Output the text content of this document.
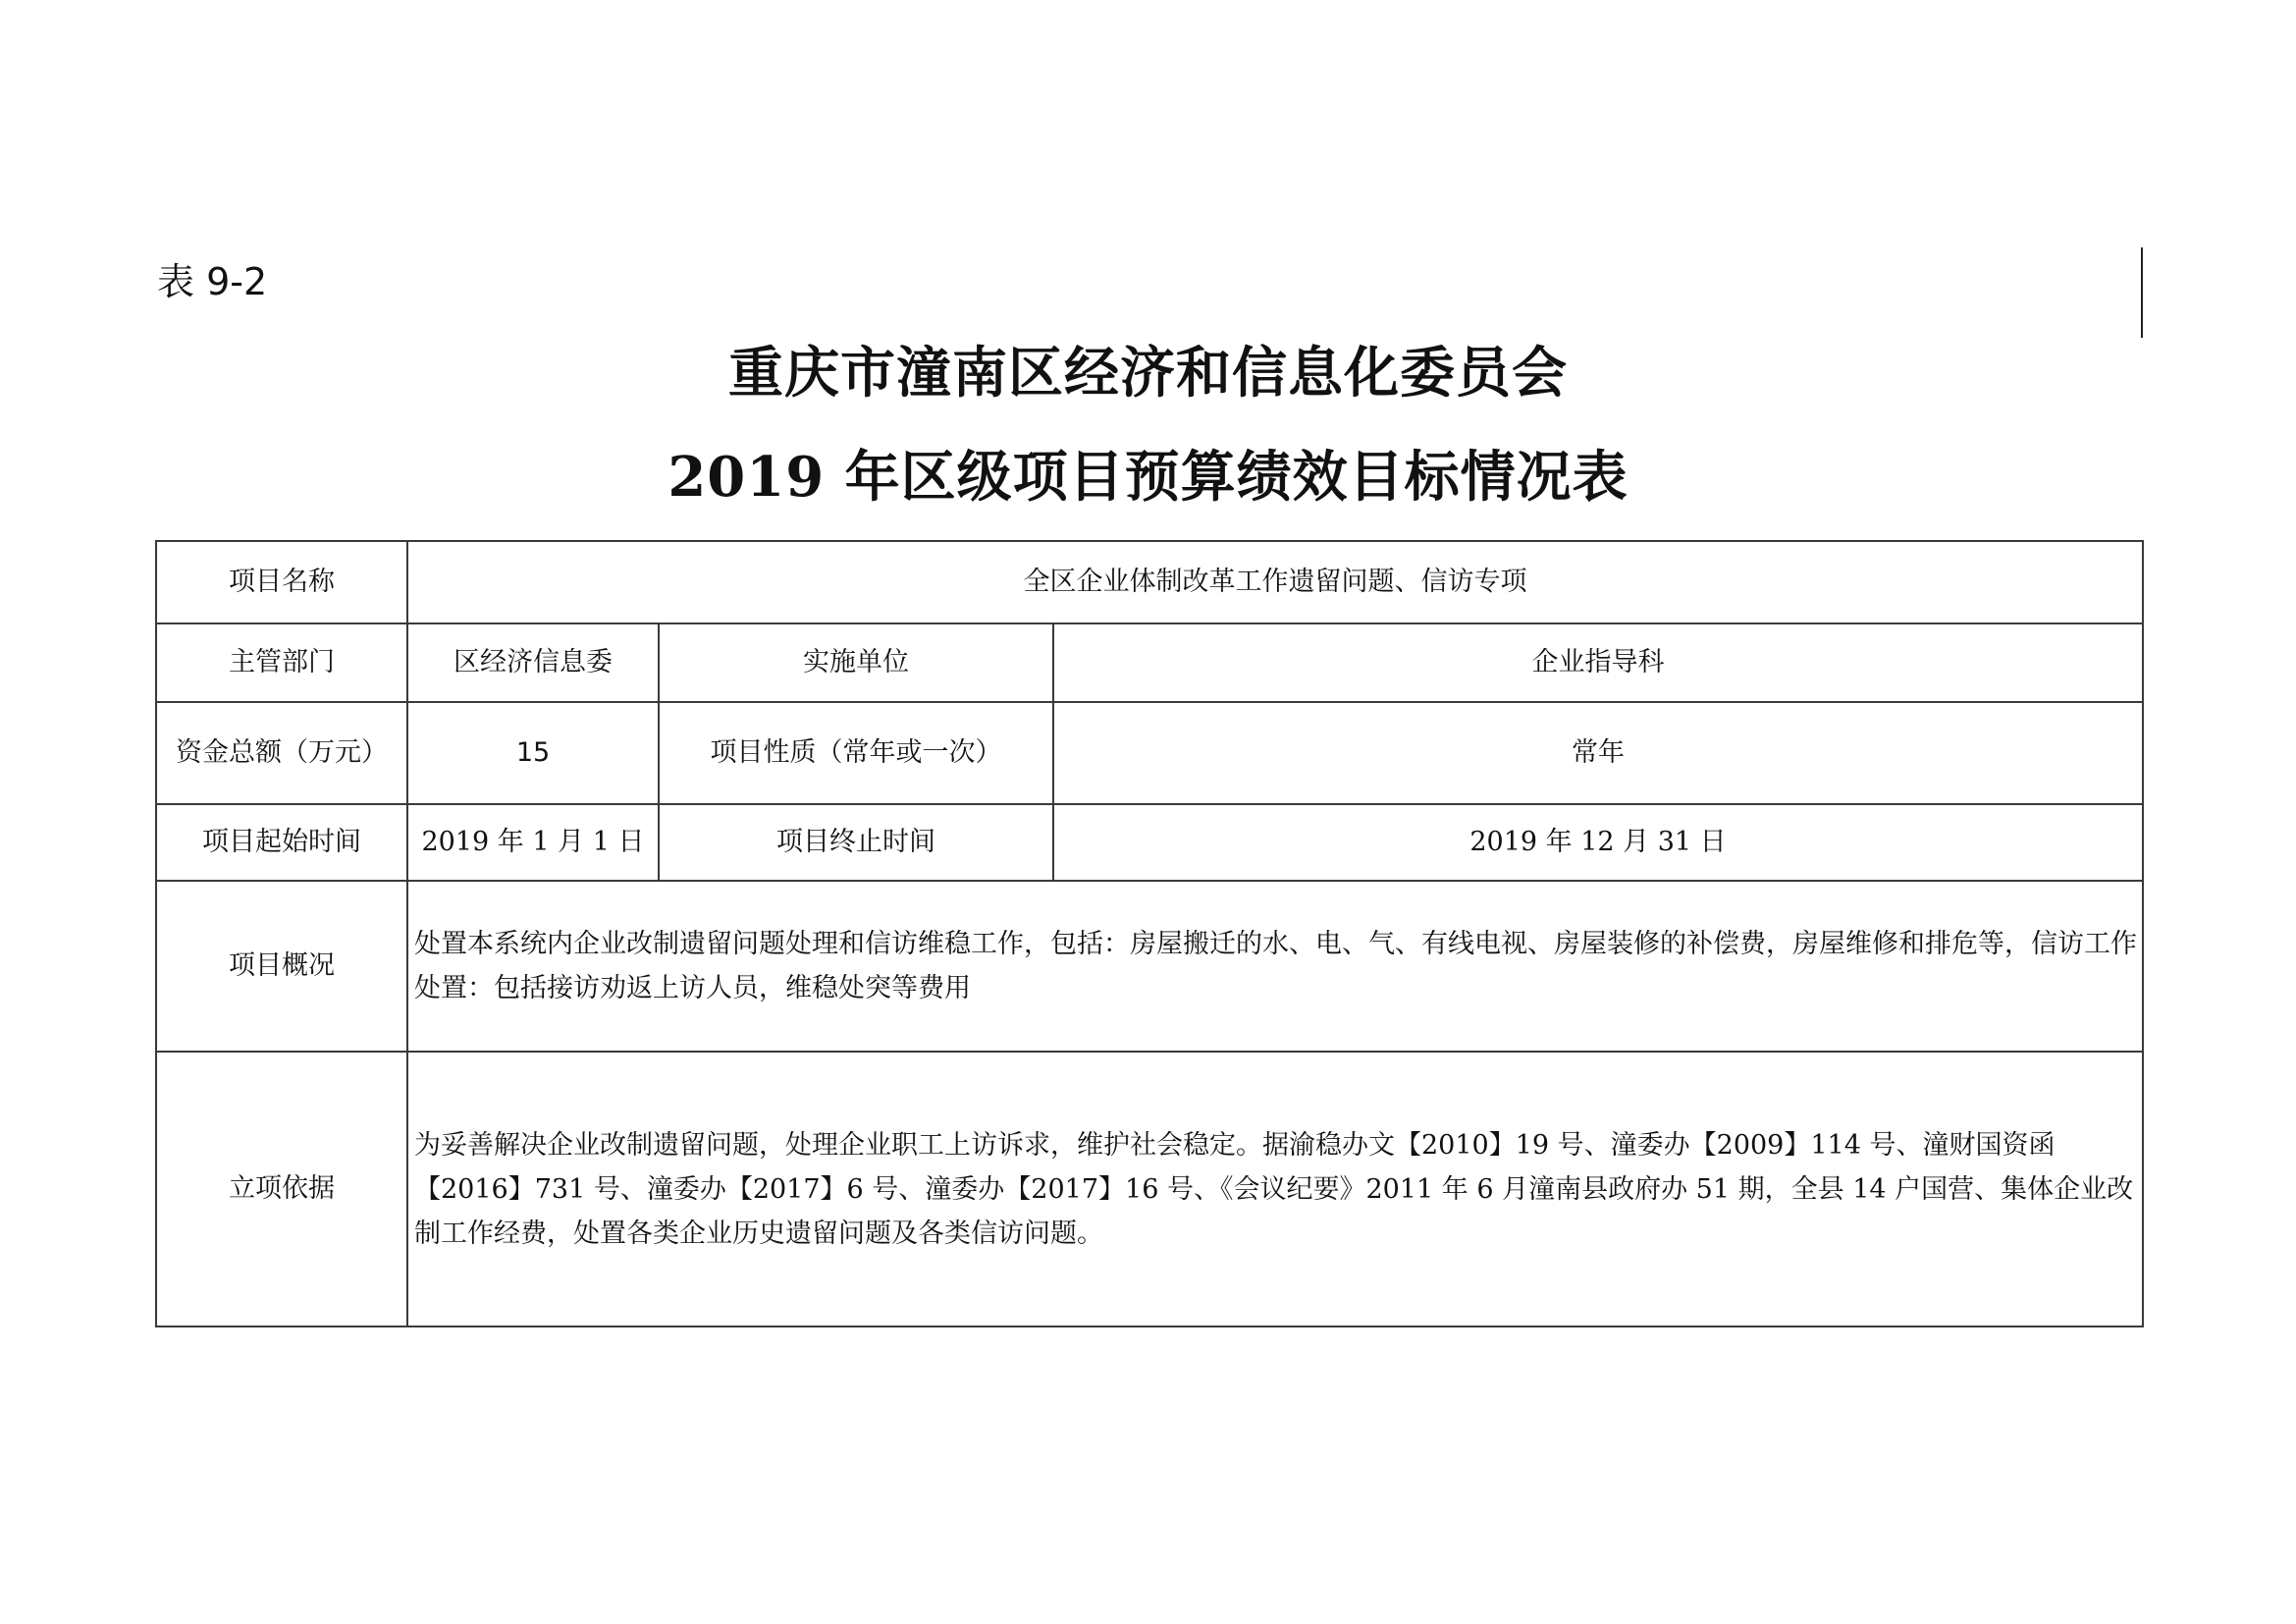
表 9-2
重庆市潼南区经济和信息化委员会
2019 年区级项目预算绩效目标情况表
项目名称	全区企业体制改革工作遗留问题、信访专项		
主管部门	区经济信息委	实施单位	企业指导科
资金总额（万元）	15	项目性质（常年或一次）	常年
项目起始时间	2019 年 1 月 1 日	项目终止时间	2019 年 12 月 31 日
项目概况	处置本系统内企业改制遗留问题处理和信访维稳工作，包括：房屋搬迁的水、电、气、有线电视、房屋装修的补偿费，房屋维修和排危等，信访工作处置：包括接访劝返上访人员，维稳处突等费用		
立项依据	为妥善解决企业改制遗留问题，处理企业职工上访诉求，维护社会稳定。据渝稳办文【2010】19 号、潼委办【2009】114 号、潼财国资函【2016】731 号、潼委办【2017】6 号、潼委办【2017】16 号、《会议纪要》2011 年 6 月潼南县政府办 51 期，全县 14 户国营、集体企业改制工作经费，处置各类企业历史遗留问题及各类信访问题。		
